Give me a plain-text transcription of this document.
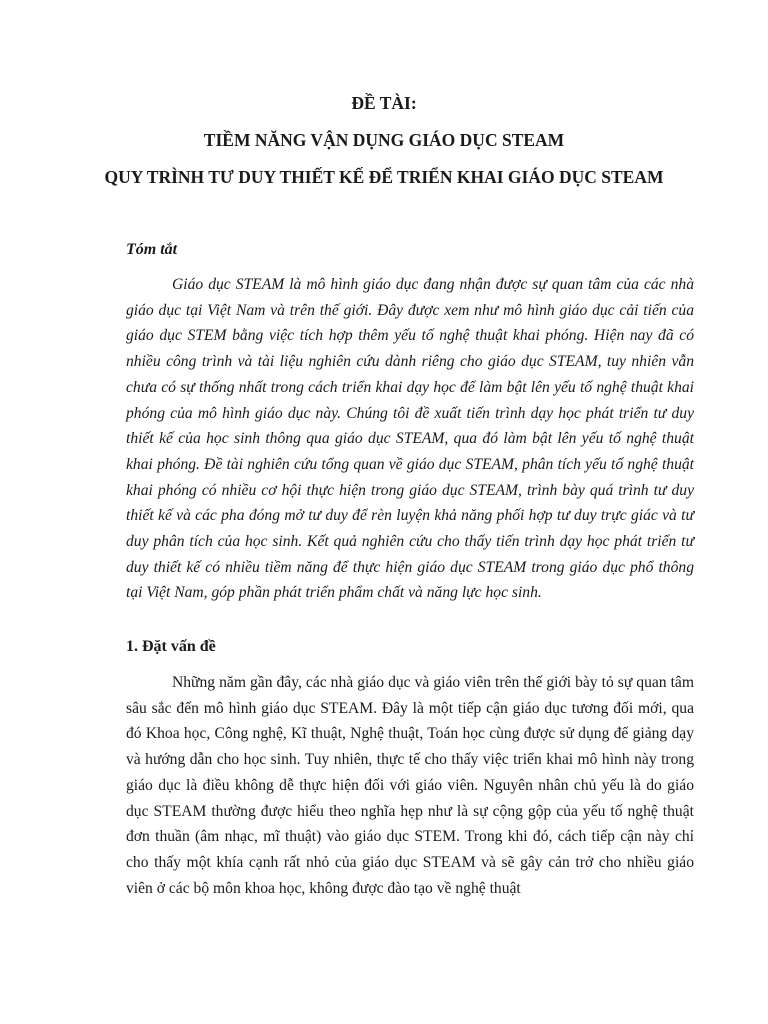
ĐỀ TÀI:
TIỀM NĂNG VẬN DỤNG GIÁO DỤC STEAM
QUY TRÌNH TƯ DUY THIẾT KẾ ĐỂ TRIỂN KHAI GIÁO DỤC STEAM
Tóm tắt

Giáo dục STEAM là mô hình giáo dục đang nhận được sự quan tâm của các nhà giáo dục tại Việt Nam và trên thế giới. Đây được xem như mô hình giáo dục cải tiến của giáo dục STEM bằng việc tích hợp thêm yếu tố nghệ thuật khai phóng. Hiện nay đã có nhiều công trình và tài liệu nghiên cứu dành riêng cho giáo dục STEAM, tuy nhiên vẫn chưa có sự thống nhất trong cách triển khai dạy học để làm bật lên yếu tố nghệ thuật khai phóng của mô hình giáo dục này. Chúng tôi đề xuất tiến trình dạy học phát triển tư duy thiết kế của học sinh thông qua giáo dục STEAM, qua đó làm bật lên yếu tố nghệ thuật khai phóng. Đề tài nghiên cứu tổng quan về giáo dục STEAM, phân tích yếu tố nghệ thuật khai phóng có nhiều cơ hội thực hiện trong giáo dục STEAM, trình bày quá trình tư duy thiết kế và các pha đóng mở tư duy để rèn luyện khả năng phối hợp tư duy trực giác và tư duy phân tích của học sinh. Kết quả nghiên cứu cho thấy tiến trình dạy học phát triển tư duy thiết kế có nhiều tiềm năng để thực hiện giáo dục STEAM trong giáo dục phổ thông tại Việt Nam, góp phần phát triển phẩm chất và năng lực học sinh.

1. Đặt vấn đề

Những năm gần đây, các nhà giáo dục và giáo viên trên thế giới bày tỏ sự quan tâm sâu sắc đến mô hình giáo dục STEAM. Đây là một tiếp cận giáo dục tương đối mới, qua đó Khoa học, Công nghệ, Kĩ thuật, Nghệ thuật, Toán học cùng được sử dụng để giảng dạy và hướng dẫn cho học sinh. Tuy nhiên, thực tế cho thấy việc triển khai mô hình này trong giáo dục là điều không dễ thực hiện đối với giáo viên. Nguyên nhân chủ yếu là do giáo dục STEAM thường được hiểu theo nghĩa hẹp như là sự cộng gộp của yếu tố nghệ thuật đơn thuần (âm nhạc, mĩ thuật) vào giáo dục STEM. Trong khi đó, cách tiếp cận này chỉ cho thấy một khía cạnh rất nhỏ của giáo dục STEAM và sẽ gây cản trở cho nhiều giáo viên ở các bộ môn khoa học, không được đào tạo về nghệ thuật
